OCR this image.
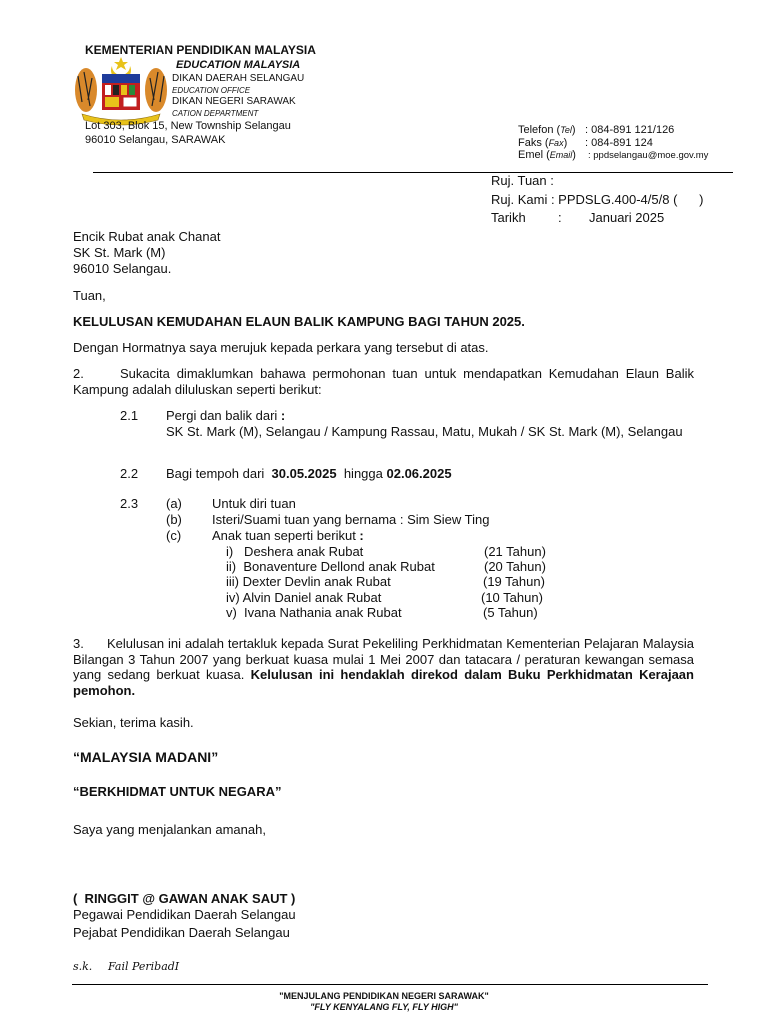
KEMENTERIAN PENDIDIKAN MALAYSIA
EDUCATION MALAYSIA
DIKAN DAERAH SELANGAU
EDUCATION OFFICE
DIKAN NEGERI SARAWAK
CATION DEPARTMENT
Lot 303, Blok 15, New Township Selangau
96010 Selangau, SARAWAK
Telefon (Tel) : 084-891 121/126
Faks (Fax) : 084-891 124
Emel (Email) : ppdselangau@moe.gov.my
Ruj. Tuan :
Ruj. Kami : PPDSLG.400-4/5/8 (      )
Tarikh : Januari 2025
Encik Rubat anak Chanat
SK St. Mark (M)
96010 Selangau.
Tuan,
KELULUSAN KEMUDAHAN ELAUN BALIK KAMPUNG BAGI TAHUN 2025.
Dengan Hormatnya saya merujuk kepada perkara yang tersebut di atas.
2.	Sukacita dimaklumkan bahawa permohonan tuan untuk mendapatkan Kemudahan Elaun Balik Kampung adalah diluluskan seperti berikut:
2.1 Pergi dan balik dari :
SK St. Mark (M), Selangau / Kampung Rassau, Matu, Mukah / SK St. Mark (M), Selangau
2.2 Bagi tempoh dari 30.05.2025 hingga 02.06.2025
2.3 (a) Untuk diri tuan
(b) Isteri/Suami tuan yang bernama : Sim Siew Ting
(c) Anak tuan seperti berikut :
i)   Deshera anak Rubat	(21 Tahun)
ii)  Bonaventure Dellond anak Rubat	(20 Tahun)
iii) Dexter Devlin anak Rubat	(19 Tahun)
iv) Alvin Daniel anak Rubat	(10 Tahun)
v)  Ivana Nathania anak Rubat	(5 Tahun)
3. Kelulusan ini adalah tertakluk kepada Surat Pekeliling Perkhidmatan Kementerian Pelajaran Malaysia Bilangan 3 Tahun 2007 yang berkuat kuasa mulai 1 Mei 2007 dan tatacara / peraturan kewangan semasa yang sedang berkuat kuasa. Kelulusan ini hendaklah direkod dalam Buku Perkhidmatan Kerajaan pemohon.
Sekian, terima kasih.
“MALAYSIA MADANI”
“BERKHIDMAT UNTUK NEGARA”
Saya yang menjalankan amanah,
(  RINGGIT @ GAWAN ANAK SAUT )
Pegawai Pendidikan Daerah Selangau
Pejabat Pendidikan Daerah Selangau
s.k. Fail PeribadI
"MENJULANG PENDIDIKAN NEGERI SARAWAK"
"FLY KENYALANG FLY, FLY HIGH"
